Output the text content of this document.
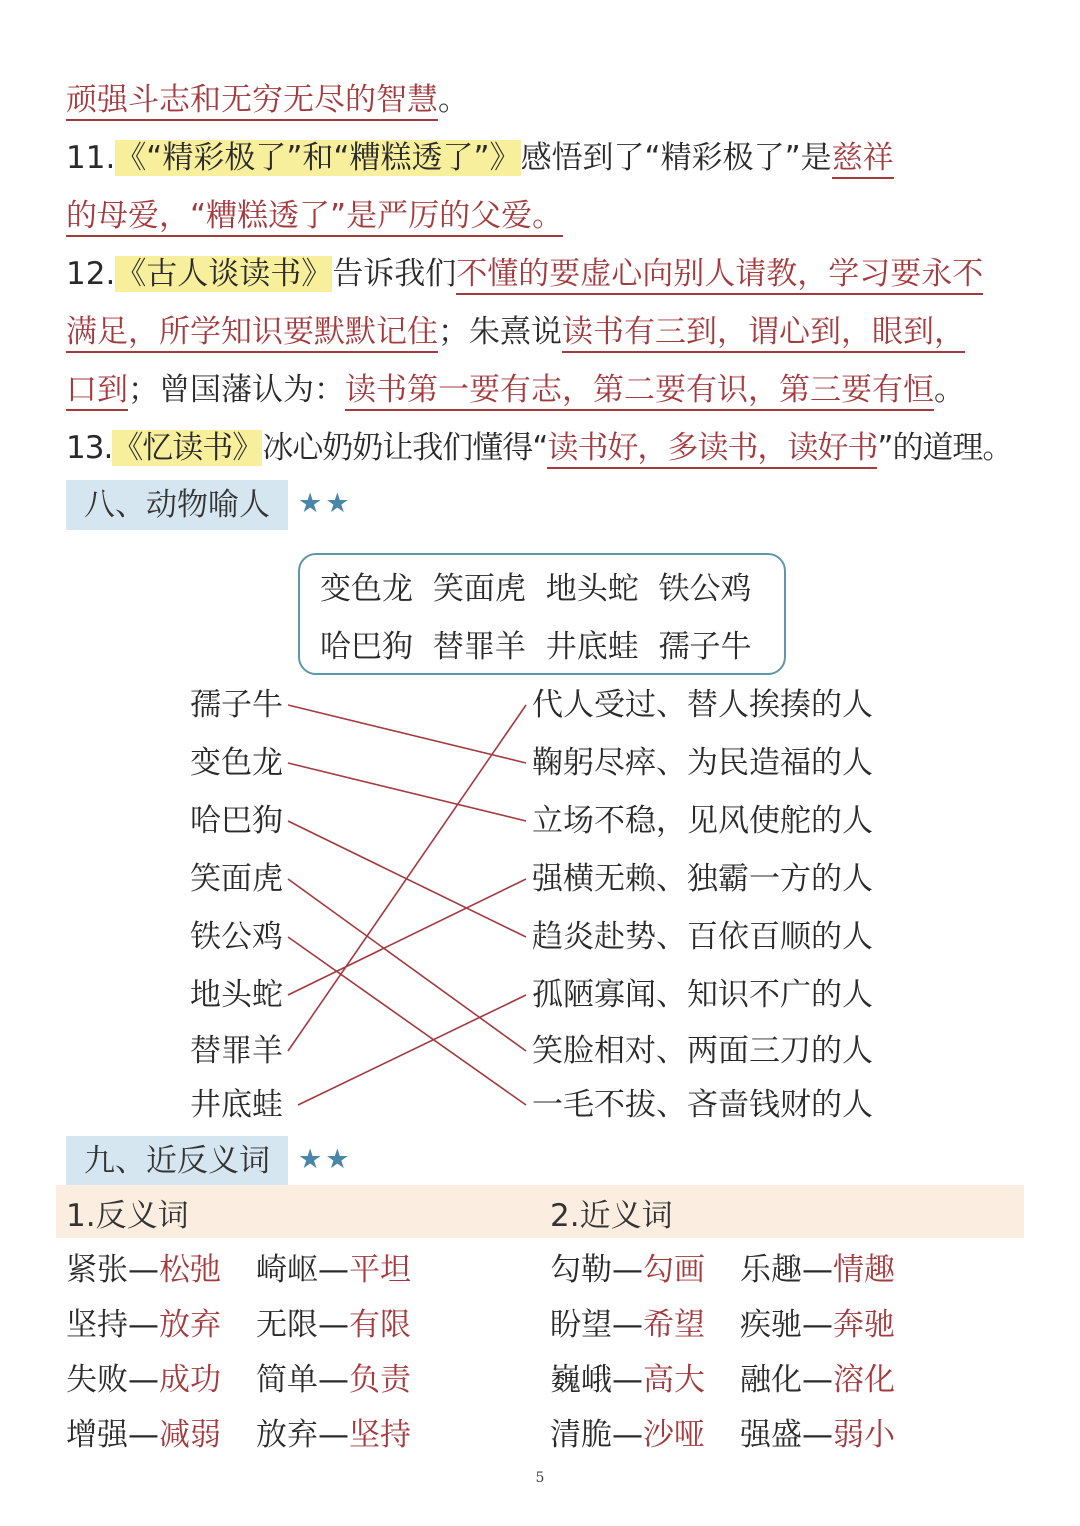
顽强斗志和无穷无尽的智慧。
11.《“精彩极了”和“糟糕透了”》感悟到了“精彩极了”是慈祥
的母爱，“糟糕透了”是严厉的父爱。
12.《古人谈读书》告诉我们不懂的要虚心向别人请教，学习要永不
满足，所学知识要默默记住；朱熹说读书有三到，谓心到，眼到，
口到；曾国藩认为：读书第一要有志，第二要有识，第三要有恒。
13.《忆读书》冰心奶奶让我们懂得“读书好，多读书，读好书”的道理。
八、动物喻人	★★
变色龙 笑面虎 地头蛇 铁公鸡
哈巴狗 替罪羊 井底蛙 孺子牛
孺子牛
变色龙
哈巴狗
笑面虎
铁公鸡
地头蛇
替罪羊
井底蛙
代人受过、替人挨揍的人
鞠躬尽瘁、为民造福的人
立场不稳，见风使舵的人
强横无赖、独霸一方的人
趋炎赴势、百依百顺的人
孤陋寡闻、知识不广的人
笑脸相对、两面三刀的人
一毛不拔、吝啬钱财的人
九、近反义词	★★
1.反义词	2.近义词
紧张—松弛 崎岖—平坦
坚持—放弃 无限—有限
失败—成功 简单—负责
增强—减弱 放弃—坚持
勾勒—勾画 乐趣—情趣
盼望—希望 疾驰—奔驰
巍峨—高大 融化—溶化
清脆—沙哑 强盛—弱小
5
